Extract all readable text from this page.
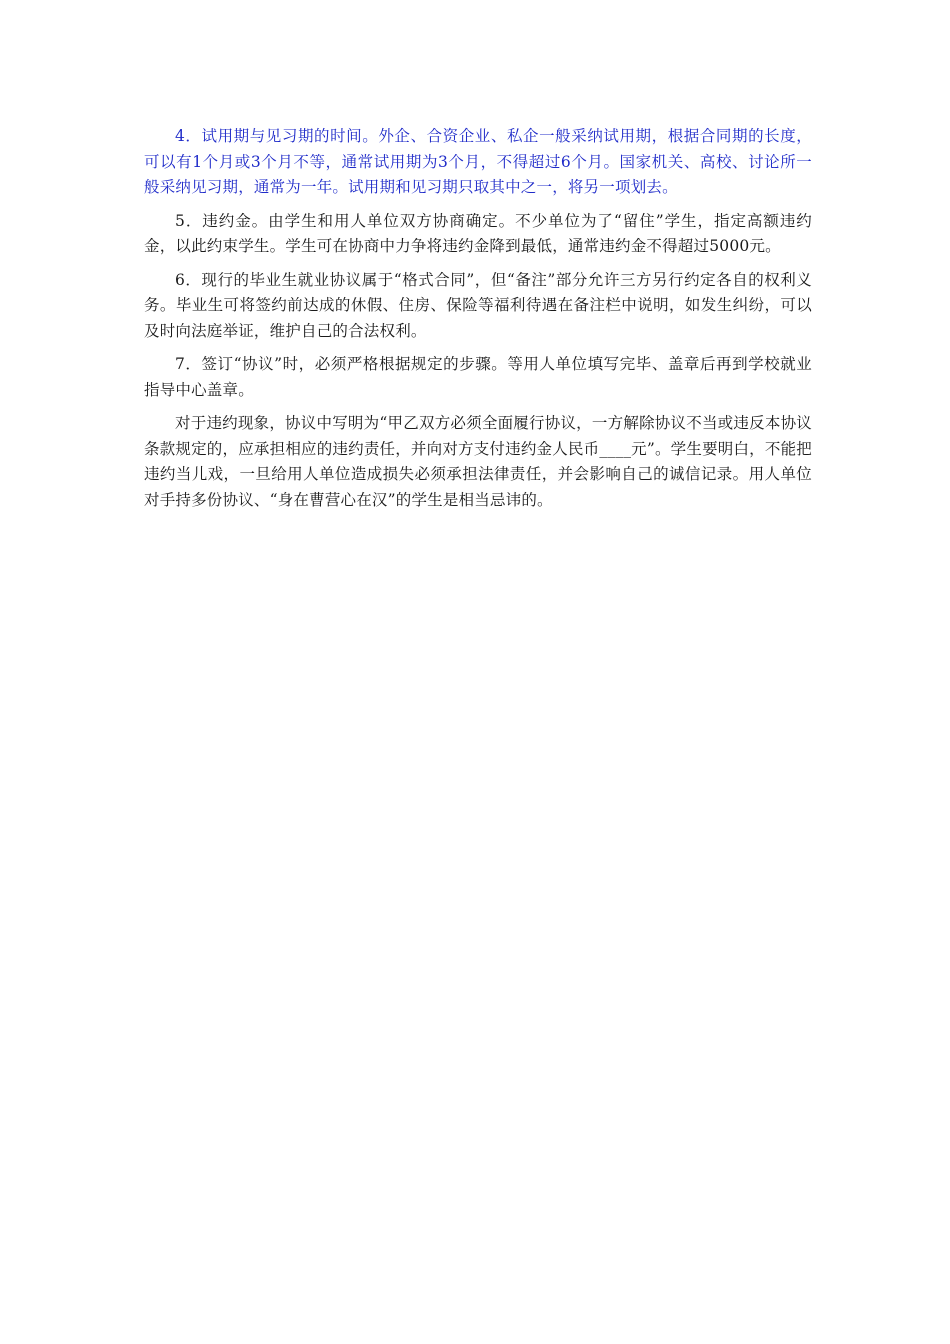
4．试用期与见习期的时间。外企、合资企业、私企一般采纳试用期，根据合同期的长度，可以有1个月或3个月不等，通常试用期为3个月，不得超过6个月。国家机关、高校、讨论所一般采纳见习期，通常为一年。试用期和见习期只取其中之一，将另一项划去。

5．违约金。由学生和用人单位双方协商确定。不少单位为了“留住”学生，指定高额违约金，以此约束学生。学生可在协商中力争将违约金降到最低，通常违约金不得超过5000元。

6．现行的毕业生就业协议属于“格式合同”，但“备注”部分允许三方另行约定各自的权利义务。毕业生可将签约前达成的休假、住房、保险等福利待遇在备注栏中说明，如发生纠纷，可以及时向法庭举证，维护自己的合法权利。

7．签订“协议”时，必须严格根据规定的步骤。等用人单位填写完毕、盖章后再到学校就业指导中心盖章。

对于违约现象，协议中写明为“甲乙双方必须全面履行协议，一方解除协议不当或违反本协议条款规定的，应承担相应的违约责任，并向对方支付违约金人民币____元”。学生要明白，不能把违约当儿戏，一旦给用人单位造成损失必须承担法律责任，并会影响自己的诚信记录。用人单位对手持多份协议、“身在曹营心在汉”的学生是相当忌讳的。
